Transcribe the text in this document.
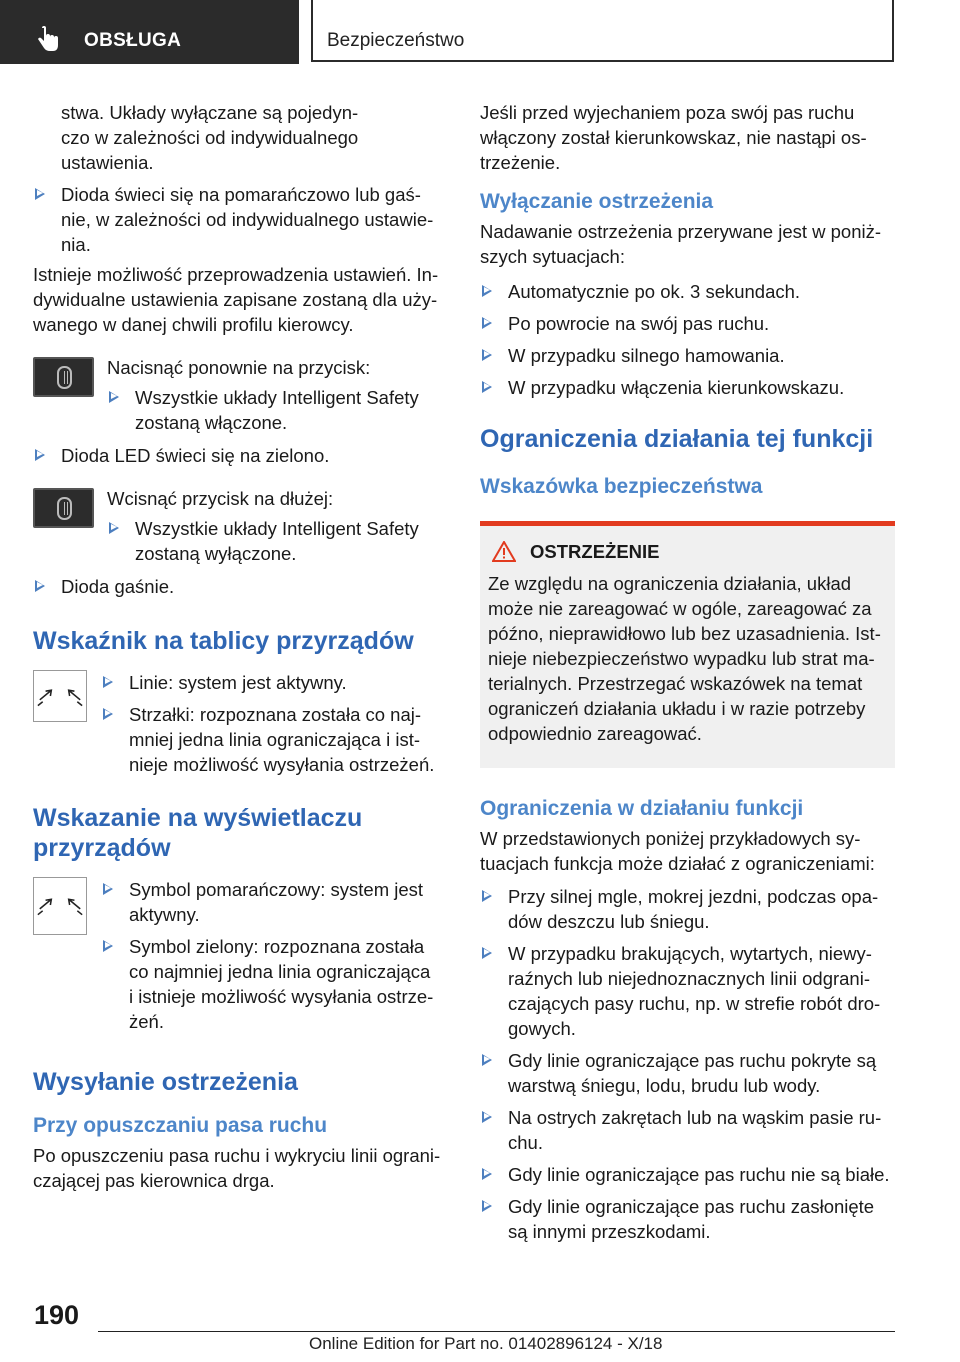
OBSŁUGA	Bezpieczeństwo

stwa. Układy wyłączane są pojedyn-
czo w zależności od indywidualnego
ustawienia.

Dioda świeci się na pomarańczowo lub gaś-
nie, w zależności od indywidualnego ustawie-
nia.

Istnieje możliwość przeprowadzenia ustawień. In-
dywidualne ustawienia zapisane zostaną dla uży-
wanego w danej chwili profilu kierowcy.

Nacisnąć ponownie na przycisk:

Wszystkie układy Intelligent Safety
zostaną włączone.

Dioda LED świeci się na zielono.

Wcisnąć przycisk na dłużej:

Wszystkie układy Intelligent Safety
zostaną wyłączone.

Dioda gaśnie.

Wskaźnik na tablicy przyrządów

Linie: system jest aktywny.

Strzałki: rozpoznana została co naj-
mniej jedna linia ograniczająca i ist-
nieje możliwość wysyłania ostrzeżeń.

Wskazanie na wyświetlaczu
przyrządów

Symbol pomarańczowy: system jest
aktywny.

Symbol zielony: rozpoznana została
co najmniej jedna linia ograniczająca
i istnieje możliwość wysyłania ostrze-
żeń.

Wysyłanie ostrzeżenia

Przy opuszczaniu pasa ruchu

Po opuszczeniu pasa ruchu i wykryciu linii ograni-
czającej pas kierownica drga.

Jeśli przed wyjechaniem poza swój pas ruchu
włączony został kierunkowskaz, nie nastąpi os-
trzeżenie.

Wyłączanie ostrzeżenia

Nadawanie ostrzeżenia przerywane jest w poniż-
szych sytuacjach:

Automatycznie po ok. 3 sekundach.

Po powrocie na swój pas ruchu.

W przypadku silnego hamowania.

W przypadku włączenia kierunkowskazu.

Ograniczenia działania tej funkcji

Wskazówka bezpieczeństwa

OSTRZEŻENIE

Ze względu na ograniczenia działania, układ
może nie zareagować w ogóle, zareagować za
późno, nieprawidłowo lub bez uzasadnienia. Ist-
nieje niebezpieczeństwo wypadku lub strat ma-
terialnych. Przestrzegać wskazówek na temat
ograniczeń działania układu i w razie potrzeby
odpowiednio zareagować.

Ograniczenia w działaniu funkcji

W przedstawionych poniżej przykładowych sy-
tuacjach funkcja może działać z ograniczeniami:

Przy silnej mgle, mokrej jezdni, podczas opa-
dów deszczu lub śniegu.

W przypadku brakujących, wytartych, niewy-
raźnych lub niejednoznacznych linii odgrani-
czających pasy ruchu, np. w strefie robót dro-
gowych.

Gdy linie ograniczające pas ruchu pokryte są
warstwą śniegu, lodu, brudu lub wody.

Na ostrych zakrętach lub na wąskim pasie ru-
chu.

Gdy linie ograniczające pas ruchu nie są białe.

Gdy linie ograniczające pas ruchu zasłonięte
są innymi przeszkodami.

190
Online Edition for Part no. 01402896124 - X/18
